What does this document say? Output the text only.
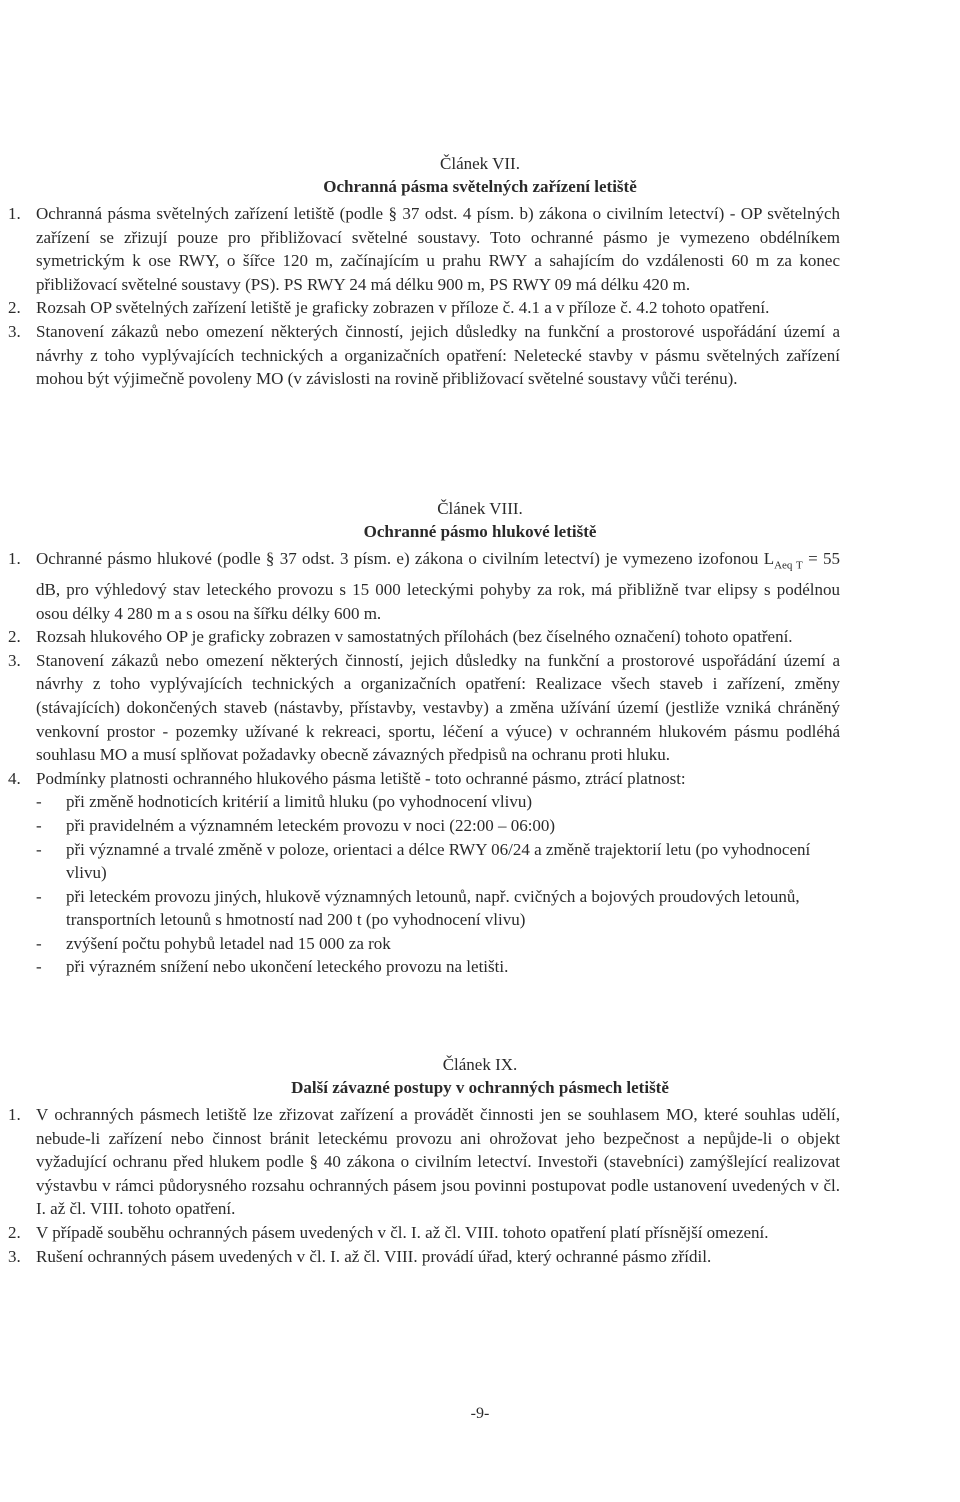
Článek VII.
Ochranná pásma světelných zařízení letiště
1. Ochranná pásma světelných zařízení letiště (podle § 37 odst. 4 písm. b) zákona o civilním letectví) - OP světelných zařízení se zřizují pouze pro přibližovací světelné soustavy. Toto ochranné pásmo je vymezeno obdélníkem symetrickým k ose RWY, o šířce 120 m, začínajícím u prahu RWY a sahajícím do vzdálenosti 60 m za konec přibližovací světelné soustavy (PS). PS RWY 24 má délku 900 m, PS RWY 09 má délku 420 m.
2. Rozsah OP světelných zařízení letiště je graficky zobrazen v příloze č. 4.1 a v příloze č. 4.2 tohoto opatření.
3. Stanovení zákazů nebo omezení některých činností, jejich důsledky na funkční a prostorové uspořádání území a návrhy z toho vyplývajících technických a organizačních opatření: Neletecké stavby v pásmu světelných zařízení mohou být výjimečně povoleny MO (v závislosti na rovině přibližovací světelné soustavy vůči terénu).
Článek VIII.
Ochranné pásmo hlukové letiště
1. Ochranné pásmo hlukové (podle § 37 odst. 3 písm. e) zákona o civilním letectví) je vymezeno izofonou $L_{Aeq T} = 55$ dB, pro výhledový stav leteckého provozu s 15 000 leteckými pohyby za rok, má přibližně tvar elipsy s podélnou osou délky 4 280 m a s osou na šířku délky 600 m.
2. Rozsah hlukového OP je graficky zobrazen v samostatných přílohách (bez číselného označení) tohoto opatření.
3. Stanovení zákazů nebo omezení některých činností, jejich důsledky na funkční a prostorové uspořádání území a návrhy z toho vyplývajících technických a organizačních opatření: Realizace všech staveb i zařízení, změny (stávajících) dokončených staveb (nástavby, přístavby, vestavby) a změna užívání území (jestliže vzniká chráněný venkovní prostor - pozemky užívané k rekreaci, sportu, léčení a výuce) v ochranném hlukovém pásmu podléhá souhlasu MO a musí splňovat požadavky obecně závazných předpisů na ochranu proti hluku.
4. Podmínky platnosti ochranného hlukového pásma letiště - toto ochranné pásmo, ztrácí platnost:
- při změně hodnoticích kritérií a limitů hluku (po vyhodnocení vlivu)
- při pravidelném a významném leteckém provozu v noci (22:00 – 06:00)
- při významné a trvalé změně v poloze, orientaci a délce RWY 06/24 a změně trajektorií letu (po vyhodnocení vlivu)
- při leteckém provozu jiných, hlukově významných letounů, např. cvičných a bojových proudových letounů, transportních letounů s hmotností nad 200 t (po vyhodnocení vlivu)
- zvýšení počtu pohybů letadel nad 15 000 za rok
- při výrazném snížení nebo ukončení leteckého provozu na letišti.
Článek IX.
Další závazné postupy v ochranných pásmech letiště
1. V ochranných pásmech letiště lze zřizovat zařízení a provádět činnosti jen se souhlasem MO, které souhlas udělí, nebude-li zařízení nebo činnost bránit leteckému provozu ani ohrožovat jeho bezpečnost a nepůjde-li o objekt vyžadující ochranu před hlukem podle § 40 zákona o civilním letectví. Investoři (stavebníci) zamýšlející realizovat výstavbu v rámci půdorysného rozsahu ochranných pásem jsou povinni postupovat podle ustanovení uvedených v čl. I. až čl. VIII. tohoto opatření.
2. V případě souběhu ochranných pásem uvedených v čl. I. až čl. VIII. tohoto opatření platí přísnější omezení.
3. Rušení ochranných pásem uvedených v čl. I. až čl. VIII. provádí úřad, který ochranné pásmo zřídil.
-9-
